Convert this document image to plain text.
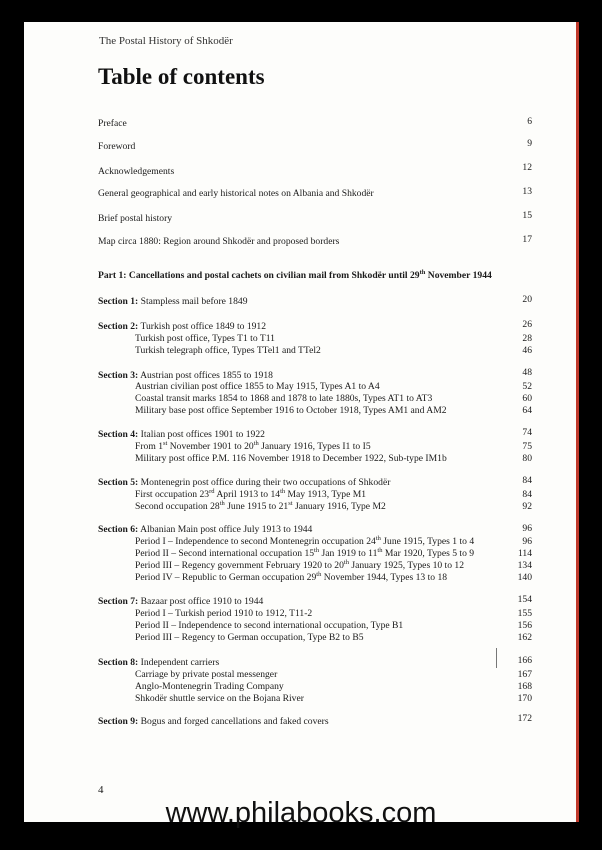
The Postal History of Shkodër
Table of contents
Preface	6
Foreword	9
Acknowledgements	12
General geographical and early historical notes on Albania and Shkodër	13
Brief postal history	15
Map circa 1880: Region around Shkodër and proposed borders	17
Part 1: Cancellations and postal cachets on civilian mail from Shkodër until 29th November 1944
Section 1: Stampless mail before 1849	20
Section 2: Turkish post office 1849 to 1912	26
Turkish post office, Types T1 to T11	28
Turkish telegraph office, Types TTel1 and TTel2	46
Section 3: Austrian post offices 1855 to 1918	48
Austrian civilian post office 1855 to May 1915, Types A1 to A4	52
Coastal transit marks 1854 to 1868 and 1878 to late 1880s, Types AT1 to AT3	60
Military base post office September 1916 to October 1918, Types AM1 and AM2	64
Section 4: Italian post offices 1901 to 1922	74
From 1st November 1901 to 20th January 1916, Types I1 to I5	75
Military post office P.M. 116 November 1918 to December 1922, Sub-type IM1b	80
Section 5: Montenegrin post office during their two occupations of Shkodër	84
First occupation 23rd April 1913 to 14th May 1913, Type M1	84
Second occupation 28th June 1915 to 21st January 1916, Type M2	92
Section 6: Albanian Main post office July 1913 to 1944	96
Period I – Independence to second Montenegrin occupation 24th June 1915, Types 1 to 4	96
Period II – Second international occupation 15th Jan 1919 to 11th Mar 1920, Types 5 to 9	114
Period III – Regency government February 1920 to 20th January 1925, Types 10 to 12	134
Period IV – Republic to German occupation 29th November 1944, Types 13 to 18	140
Section 7: Bazaar post office 1910 to 1944	154
Period I – Turkish period 1910 to 1912, T11-2	155
Period II – Independence to second international occupation, Type B1	156
Period III – Regency to German occupation, Type B2 to B5	162
Section 8: Independent carriers	166
Carriage by private postal messenger	167
Anglo-Montenegrin Trading Company	168
Shkodër shuttle service on the Bojana River	170
Section 9: Bogus and forged cancellations and faked covers	172
4
www.philabooks.com
